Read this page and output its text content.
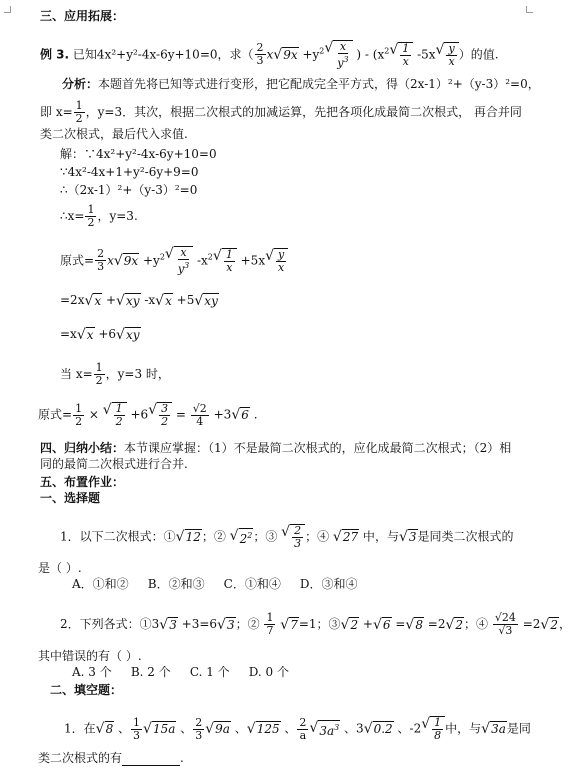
三、应用拓展：
例 3. 已知4x²+y²-4x-6y+10=0，求（ $\frac{2}{3}$ x √ $9x +y^2$ √ $\frac{x}{y^3}$ ) - ($x^2$ √ $\frac{1}{x} -5x$ √ $\frac{y}{x}$ ）的值.
分析：本题首先将已知等式进行变形，把它配成完全平方式，得（2x-1）²+（y-3）²=0，
即 $x= \frac{1}{2}$ ，y=3．其次，根据二次根式的加减运算，先把各项化成最简二次根式， 再合并同
类二次根式，最后代入求值.
解：∵4x²+y²-4x-6y+10=0
∵4x²-4x+1+y²-6y+9=0
∴（2x-1）²+（y-3）²=0
∴x= $\frac{1}{2}$ ，y=3.
原式= $\frac{2}{3}$ x √ $9x +y^2$ √ $\frac{x}{y^3} -x^2$ √ $\frac{1}{x} +5x$ √ $\frac{y}{x}$
=2x √ x + √ xy -x √ x +5 √ xy
=x √ x +6 √ xy
当 $x= \frac{1}{2}$ ，y=3 时，
原式= $\frac{1}{2}$ × √ $\frac{1}{2} +6$ √ $\frac{3}{2} = \frac{√2}{4} +3$ √ 6 .
四、归纳小结：本节课应掌握：（1）不是最简二次根式的，应化成最简二次根式；（2）相
同的最简二次根式进行合并.
五、布置作业：
一、选择题
1．以下二次根式：① √ 12 ；② √ $2^2$ ；③ √ $\frac{2}{3}$ ；④ √ 27 中，与 √ 3 是同类二次根式的
是（ ）.
A．①和② B．②和③ C．①和④ D．③和④
2．下列各式：①3 √ 3 +3=6 √ 3 ；② $\frac{1}{7}$
√ 7 =1；③ √ 2 + √ 6 = √ 8 =2 √ 2 ；④ $\frac{√24}{√3} =2$ √ 2 ，
其中错误的有（ ）.
A. 3 个 B. 2 个 C. 1 个 D. 0 个
二、填空题：
1．在 √ 8 、 $\frac{1}{3}$ √ 15a 、 $\frac{2}{3}$ √ 9a 、 √ 125 、 $\frac{2}{a}$ √ $3a^3$ 、3 √ 0.2 、-2 √ $\frac{1}{8}$ 中，与 √ 3a 是同
类二次根式的有	.
